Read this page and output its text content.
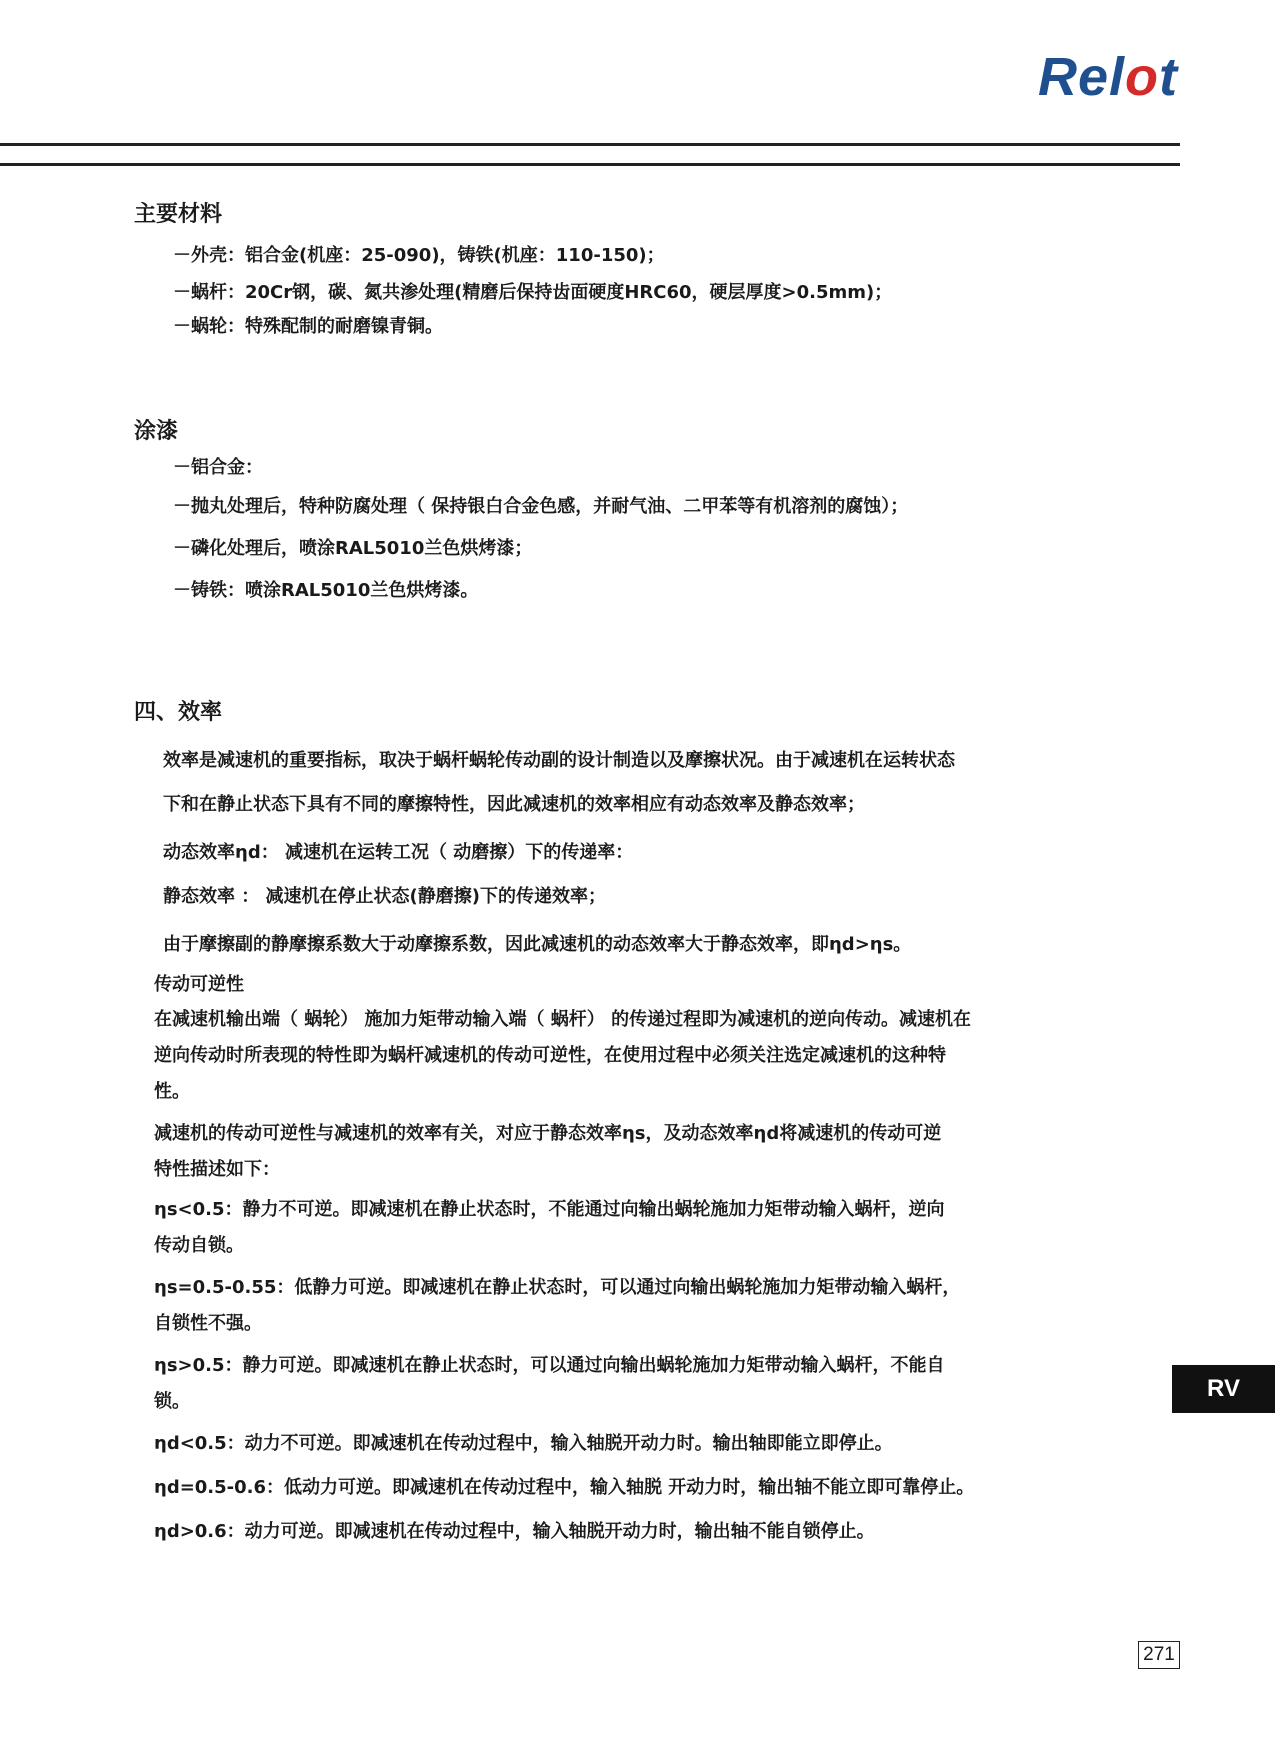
Relot
主要材料
－外壳：铝合金(机座：25-090)，铸铁(机座：110-150)；
－蜗杆：20Cr钢，碳、氮共渗处理(精磨后保持齿面硬度HRC60，硬层厚度>0.5mm)；
－蜗轮：特殊配制的耐磨镍青铜。
涂漆
－铝合金：
－抛丸处理后，特种防腐处理（ 保持银白合金色感，并耐气油、二甲苯等有机溶剂的腐蚀）；
－磷化处理后，喷涂RAL5010兰色烘烤漆；
－铸铁：喷涂RAL5010兰色烘烤漆。
四、效率
效率是减速机的重要指标，取决于蜗杆蜗轮传动副的设计制造以及摩擦状况。由于减速机在运转状态
下和在静止状态下具有不同的摩擦特性，因此减速机的效率相应有动态效率及静态效率；
动态效率ηd： 减速机在运转工况（ 动磨擦）下的传递率：
静态效率 ： 减速机在停止状态(静磨擦)下的传递效率；
由于摩擦副的静摩擦系数大于动摩擦系数，因此减速机的动态效率大于静态效率，即ηd>ηs。
传动可逆性
在减速机输出端（ 蜗轮） 施加力矩带动输入端（ 蜗杆） 的传递过程即为减速机的逆向传动。减速机在
逆向传动时所表现的特性即为蜗杆减速机的传动可逆性，在使用过程中必须关注选定减速机的这种特
性。
减速机的传动可逆性与减速机的效率有关，对应于静态效率ηs，及动态效率ηd将减速机的传动可逆
特性描述如下：
ηs<0.5：静力不可逆。即减速机在静止状态时，不能通过向输出蜗轮施加力矩带动输入蜗杆，逆向
传动自锁。
ηs=0.5-0.55：低静力可逆。即减速机在静止状态时，可以通过向输出蜗轮施加力矩带动输入蜗杆，
自锁性不强。
ηs>0.5：静力可逆。即减速机在静止状态时，可以通过向输出蜗轮施加力矩带动输入蜗杆，不能自
锁。
ηd<0.5：动力不可逆。即减速机在传动过程中，输入轴脱开动力时。输出轴即能立即停止。
ηd=0.5-0.6：低动力可逆。即减速机在传动过程中，输入轴脱 开动力时，输出轴不能立即可靠停止。
ηd>0.6：动力可逆。即减速机在传动过程中，输入轴脱开动力时，输出轴不能自锁停止。
RV
271
